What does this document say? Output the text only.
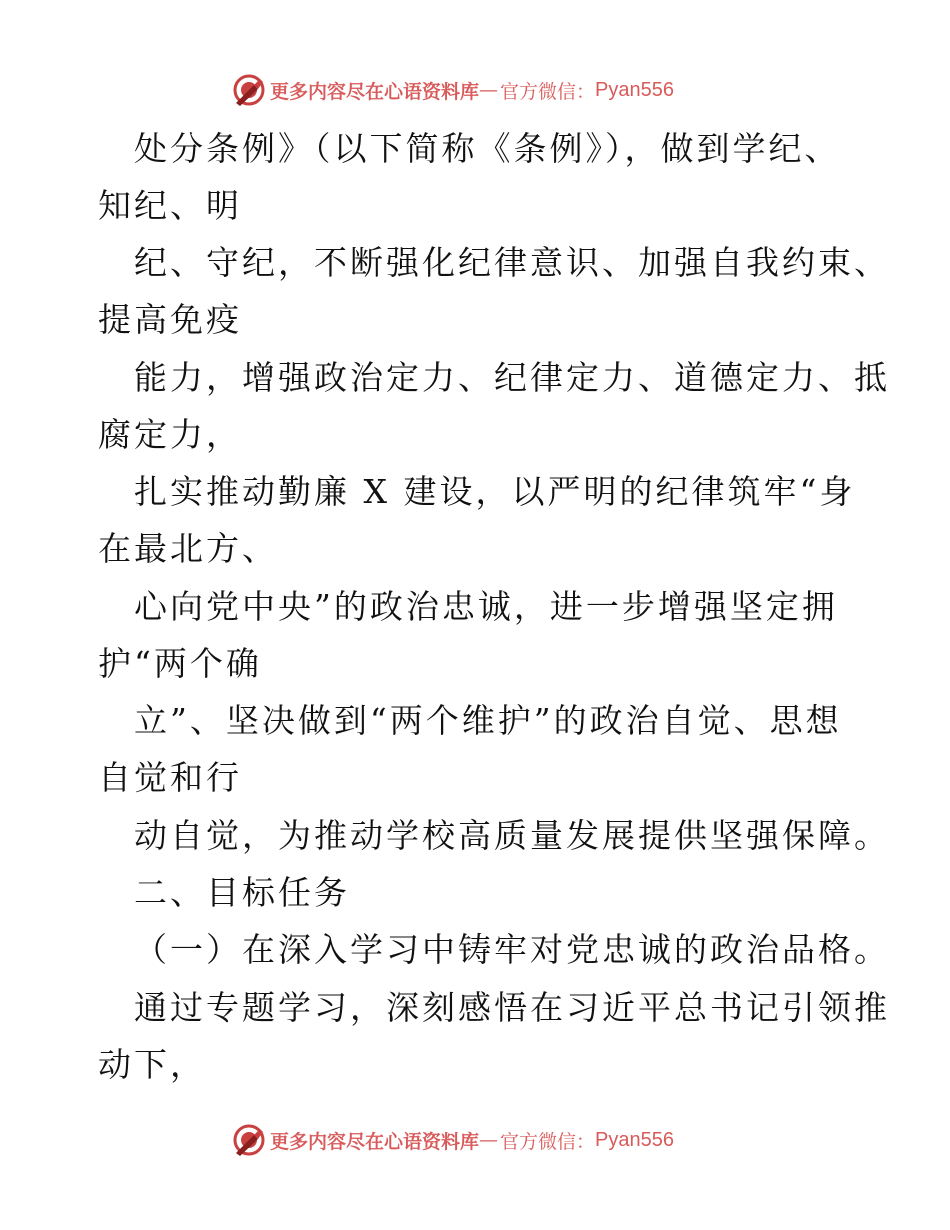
更多内容尽在心语资料库 — 官方微信： Pyan556
处分条例》（以下简称《条例》），做到学纪、
知纪、明
纪、守纪，不断强化纪律意识、加强自我约束、
提高免疫
能力，增强政治定力、纪律定力、道德定力、抵
腐定力，
扎实推动勤廉 X 建设，以严明的纪律筑牢“身
在最北方、
心向党中央”的政治忠诚，进一步增强坚定拥
护“两个确
立”、坚决做到“两个维护”的政治自觉、思想
自觉和行
动自觉，为推动学校高质量发展提供坚强保障。
二、目标任务
（一）在深入学习中铸牢对党忠诚的政治品格。
通过专题学习，深刻感悟在习近平总书记引领推
动下，
更多内容尽在心语资料库 — 官方微信： Pyan556
